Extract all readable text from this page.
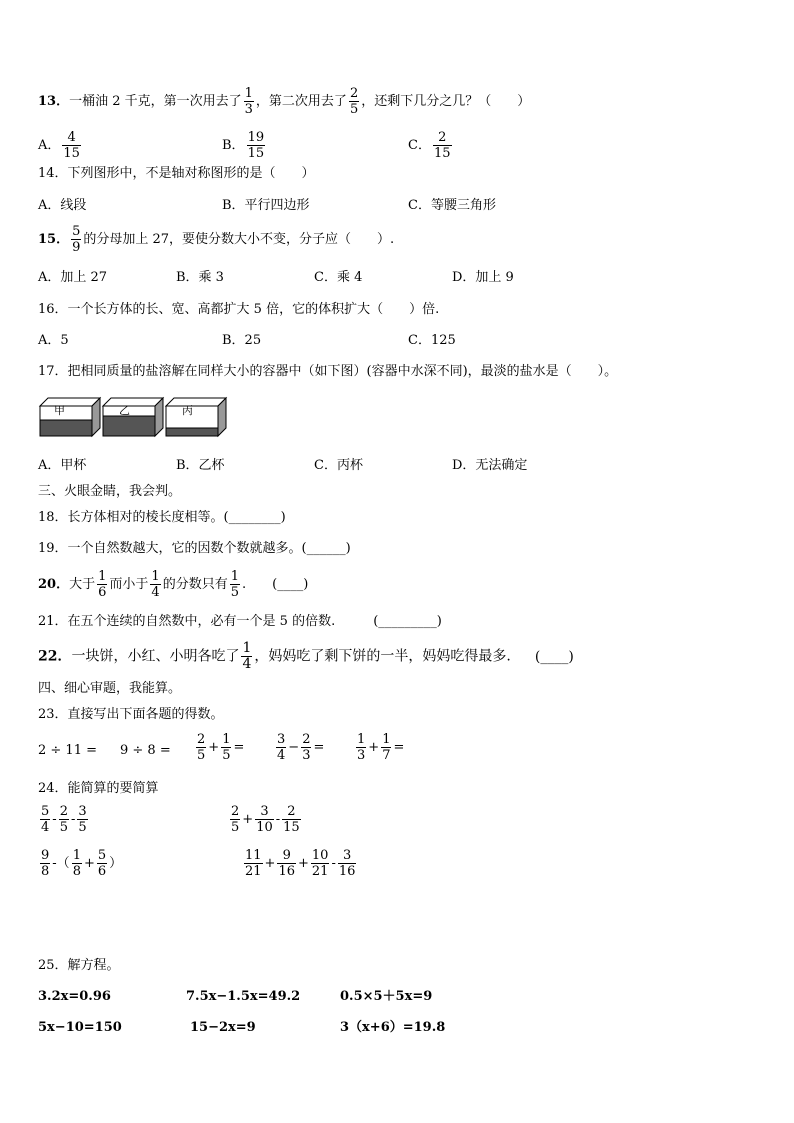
13．一桶油 2 千克，第一次用去了 $\frac{1}{3}$ ，第二次用去了 $\frac{2}{5}$ ，还剩下几分之几？（　　）
A． $\frac{4}{15}$	B． $\frac{19}{15}$	C． $\frac{2}{15}$
14．下列图形中，不是轴对称图形的是（　　）
A．线段	B．平行四边形	C．等腰三角形
15． $\frac{5}{9}$ 的分母加上 27，要使分数大小不变，分子应（　　）.
A．加上 27	B．乘 3	C．乘 4	D．加上 9
16．一个长方体的长、宽、高都扩大 5 倍，它的体积扩大（　　）倍.
A．5	B．25	C．125
17．把相同质量的盐溶解在同样大小的容器中（如下图）(容器中水深不同)，最淡的盐水是（　　）。
甲	乙	丙
A．甲杯	B．乙杯	C．丙杯	D．无法确定
三、火眼金睛，我会判。
18．长方体相对的棱长度相等。(________)
19．一个自然数越大，它的因数个数就越多。(______)
20．大于 $\frac{1}{6}$ 而小于 $\frac{1}{4}$ 的分数只有 $\frac{1}{5}$ . (____)
21．在五个连续的自然数中，必有一个是 5 的倍数.	(_________)
22．一块饼，小红、小明各吃了 $\frac{1}{4}$ ，妈妈吃了剩下饼的一半，妈妈吃得最多. (____)
四、细心审题，我能算。
23．直接写出下面各题的得数。
$2 \div 11 = 9 \div 8 = \frac{2}{5} + \frac{1}{5} = \frac{3}{4} - \frac{2}{3} = \frac{1}{3} + \frac{1}{7}$ =
24．能简算的要简算
$\frac{5}{4} - \frac{2}{5} - \frac{3}{5}$	$\frac{2}{5} + \frac{3}{10} - \frac{2}{15}$
$\frac{9}{8}$ -（ $\frac{1}{8} + \frac{5}{6}$ ）	$\frac{11}{21} + \frac{9}{16} + \frac{10}{21} - \frac{3}{16}$
25．解方程。
3.2x=0.96	7.5x−1.5x=49.2	0.5×5＋5x=9
5x−10=150	15−2x=9	3（x+6）=19.8
